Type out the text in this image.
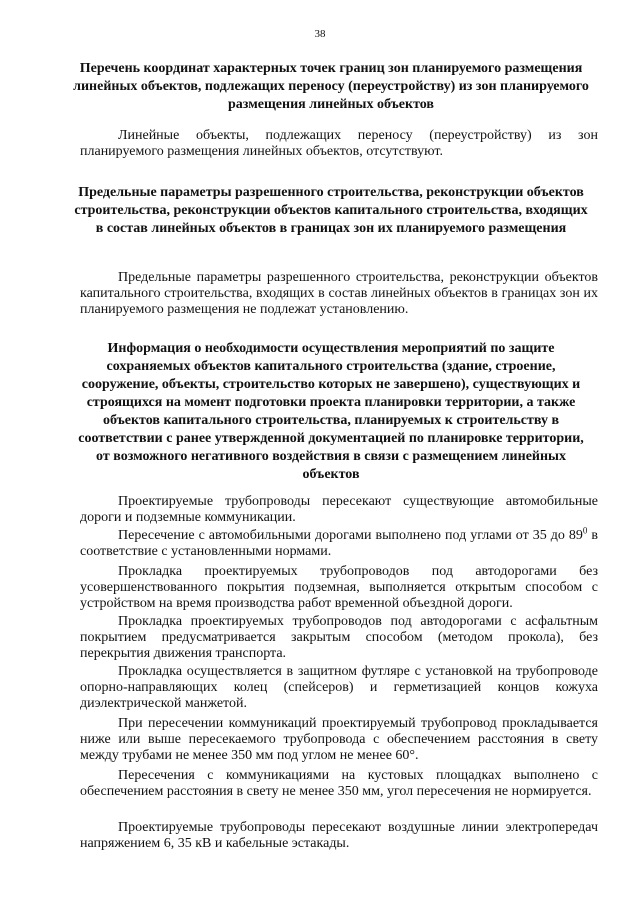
38

Перечень координат характерных точек границ зон планируемого размещения линейных объектов, подлежащих переносу (переустройству) из зон планируемого размещения линейных объектов

Линейные объекты, подлежащих переносу (переустройству) из зон планируемого размещения линейных объектов, отсутствуют.

Предельные параметры разрешенного строительства, реконструкции объектов строительства, реконструкции объектов капитального строительства, входящих в состав линейных объектов в границах зон их планируемого размещения

Предельные параметры разрешенного строительства, реконструкции объектов капитального строительства, входящих в состав линейных объектов в границах зон их планируемого размещения не подлежат установлению.

Информация о необходимости осуществления мероприятий по защите сохраняемых объектов капитального строительства (здание, строение, сооружение, объекты, строительство которых не завершено), существующих и строящихся на момент подготовки проекта планировки территории, а также объектов капитального строительства, планируемых к строительству в соответствии с ранее утвержденной документацией по планировке территории, от возможного негативного воздействия в связи с размещением линейных объектов

Проектируемые трубопроводы пересекают существующие автомобильные дороги и подземные коммуникации.

Пересечение с автомобильными дорогами выполнено под углами от 35 до $89^0$ в соответствие с установленными нормами.

Прокладка проектируемых трубопроводов под автодорогами без усовершенствованного покрытия подземная, выполняется открытым способом с устройством на время производства работ временной объездной дороги.

Прокладка проектируемых трубопроводов под автодорогами с асфальтным покрытием предусматривается закрытым способом (методом прокола), без перекрытия движения транспорта.

Прокладка осуществляется в защитном футляре с установкой на трубопроводе опорно-направляющих колец (спейсеров) и герметизацией концов кожуха диэлектрической манжетой.

При пересечении коммуникаций проектируемый трубопровод прокладывается ниже или выше пересекаемого трубопровода с обеспечением расстояния в свету между трубами не менее 350 мм под углом не менее 60°.

Пересечения с коммуникациями на кустовых площадках выполнено с обеспечением расстояния в свету не менее 350 мм, угол пересечения не нормируется.

Проектируемые трубопроводы пересекают воздушные линии электропередач напряжением 6, 35 кВ и кабельные эстакады.
